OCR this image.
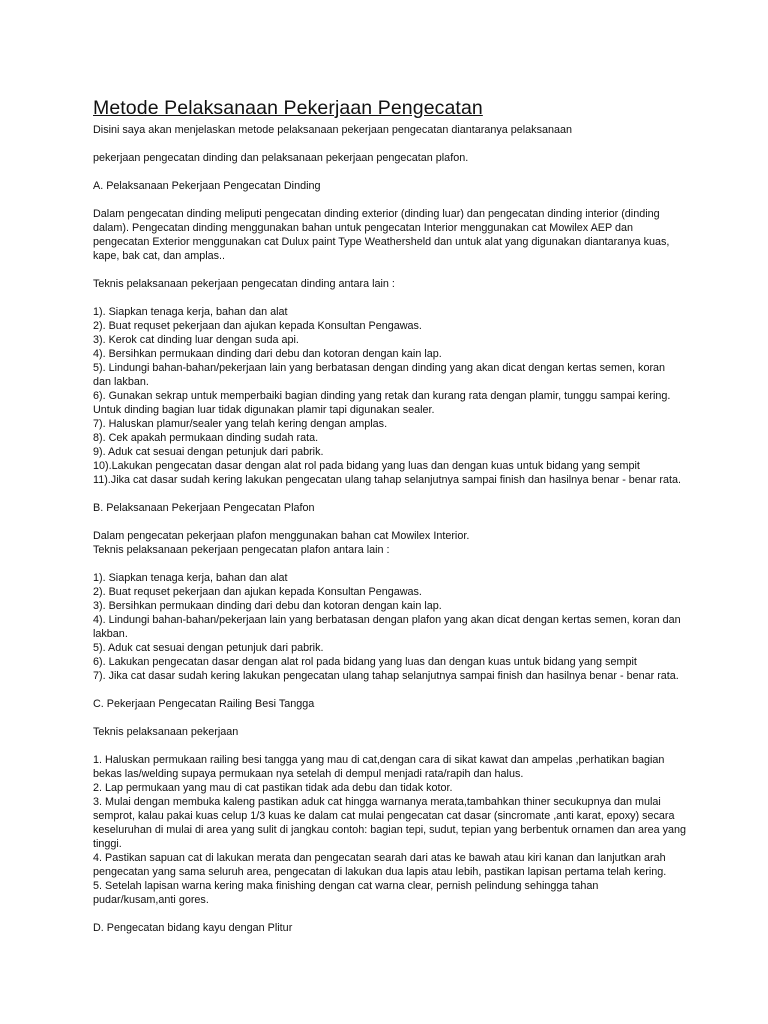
Metode Pelaksanaan Pekerjaan Pengecatan
Disini saya akan menjelaskan metode pelaksanaan pekerjaan pengecatan diantaranya pelaksanaan
pekerjaan pengecatan dinding dan pelaksanaan pekerjaan pengecatan plafon.
A. Pelaksanaan Pekerjaan Pengecatan Dinding
Dalam pengecatan dinding meliputi pengecatan dinding exterior (dinding luar) dan pengecatan dinding interior (dinding
dalam). Pengecatan dinding menggunakan bahan untuk pengecatan Interior menggunakan cat Mowilex AEP dan
pengecatan Exterior menggunakan cat Dulux paint Type Weathersheld dan untuk alat yang digunakan diantaranya kuas,
kape, bak cat, dan amplas..
Teknis pelaksanaan pekerjaan pengecatan dinding antara lain :
1). Siapkan tenaga kerja, bahan dan alat
2). Buat requset pekerjaan dan ajukan kepada Konsultan Pengawas.
3). Kerok cat dinding luar dengan suda api.
4). Bersihkan permukaan dinding dari debu dan kotoran dengan kain lap.
5). Lindungi bahan-bahan/pekerjaan lain yang berbatasan dengan dinding yang akan dicat dengan kertas semen, koran
dan lakban.
6). Gunakan sekrap untuk memperbaiki bagian dinding yang retak dan kurang rata dengan plamir, tunggu sampai kering.
Untuk dinding bagian luar tidak digunakan plamir tapi digunakan sealer.
7). Haluskan plamur/sealer yang telah kering dengan amplas.
8). Cek apakah permukaan dinding sudah rata.
9). Aduk cat sesuai dengan petunjuk dari pabrik.
10).Lakukan pengecatan dasar dengan alat rol pada bidang yang luas dan dengan kuas untuk bidang yang sempit
11).Jika cat dasar sudah kering lakukan pengecatan ulang tahap selanjutnya sampai finish dan hasilnya benar - benar rata.
B. Pelaksanaan Pekerjaan Pengecatan Plafon
Dalam pengecatan pekerjaan plafon menggunakan bahan cat Mowilex Interior.
Teknis pelaksanaan pekerjaan pengecatan plafon antara lain :
1). Siapkan tenaga kerja, bahan dan alat
2). Buat requset pekerjaan dan ajukan kepada Konsultan Pengawas.
3). Bersihkan permukaan dinding dari debu dan kotoran dengan kain lap.
4). Lindungi bahan-bahan/pekerjaan lain yang berbatasan dengan plafon yang akan dicat dengan kertas semen, koran dan
lakban.
5). Aduk cat sesuai dengan petunjuk dari pabrik.
6). Lakukan pengecatan dasar dengan alat rol pada bidang yang luas dan dengan kuas untuk bidang yang sempit
7). Jika cat dasar sudah kering lakukan pengecatan ulang tahap selanjutnya sampai finish dan hasilnya benar - benar rata.
C. Pekerjaan Pengecatan Railing Besi Tangga
Teknis pelaksanaan pekerjaan
1. Haluskan permukaan railing besi tangga yang mau di cat,dengan cara di sikat kawat dan ampelas ,perhatikan bagian
bekas las/welding supaya permukaan nya setelah di dempul menjadi rata/rapih dan halus.
2. Lap permukaan yang mau di cat pastikan tidak ada debu dan tidak kotor.
3. Mulai dengan membuka kaleng pastikan aduk cat hingga warnanya merata,tambahkan thiner secukupnya dan mulai
semprot, kalau pakai kuas celup 1/3 kuas ke dalam cat mulai pengecatan cat dasar (sincromate ,anti karat, epoxy) secara
keseluruhan di mulai di area yang sulit di jangkau contoh: bagian tepi, sudut, tepian yang berbentuk ornamen dan area yang
tinggi.
4. Pastikan sapuan cat di lakukan merata dan pengecatan searah dari atas ke bawah atau kiri kanan dan lanjutkan arah
pengecatan yang sama seluruh area, pengecatan di lakukan dua lapis atau lebih, pastikan lapisan pertama telah kering.
5. Setelah lapisan warna kering maka finishing dengan cat warna clear, pernish pelindung sehingga tahan
pudar/kusam,anti gores.
D. Pengecatan bidang kayu dengan Plitur
